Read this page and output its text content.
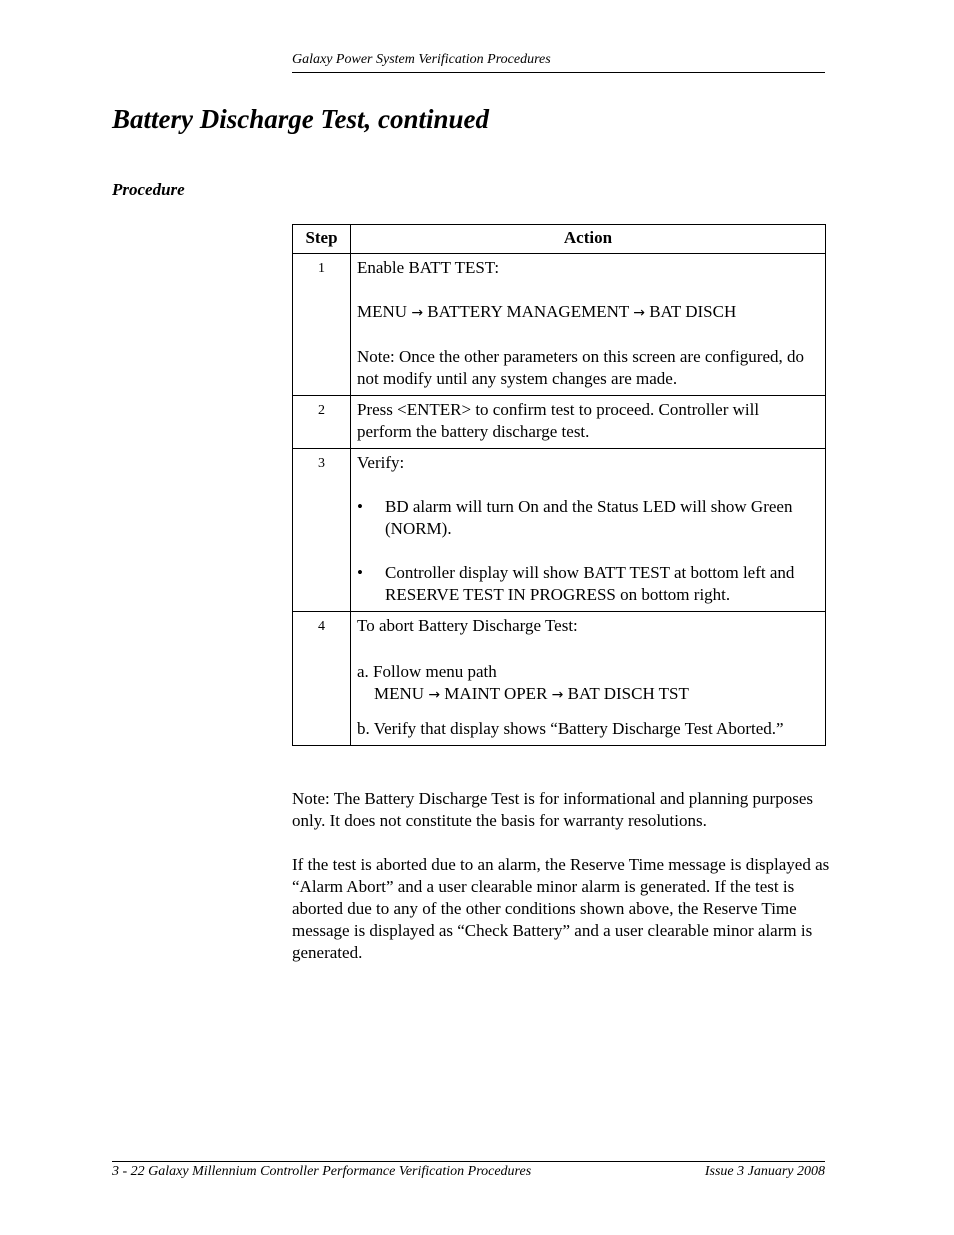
Galaxy Power System Verification Procedures
Battery Discharge Test, continued
Procedure
Step	Action
1	Enable BATT TEST:
MENU → BATTERY MANAGEMENT → BAT DISCH
Note: Once the other parameters on this screen are configured, do not modify until any system changes are made.

2	Press <ENTER> to confirm test to proceed. Controller will perform the battery discharge test.

3	Verify:
• BD alarm will turn On and the Status LED will show Green (NORM).
• Controller display will show BATT TEST at bottom left and RESERVE TEST IN PROGRESS on bottom right.

4	To abort Battery Discharge Test:
a. Follow menu path
MENU → MAINT OPER → BAT DISCH TST
b. Verify that display shows “Battery Discharge Test Aborted.”

Note: The Battery Discharge Test is for informational and planning purposes only. It does not constitute the basis for warranty resolutions.

If the test is aborted due to an alarm, the Reserve Time message is displayed as “Alarm Abort” and a user clearable minor alarm is generated. If the test is aborted due to any of the other conditions shown above, the Reserve Time message is displayed as “Check Battery” and a user clearable minor alarm is generated.

3 - 22 Galaxy Millennium Controller Performance Verification Procedures	Issue 3 January 2008
